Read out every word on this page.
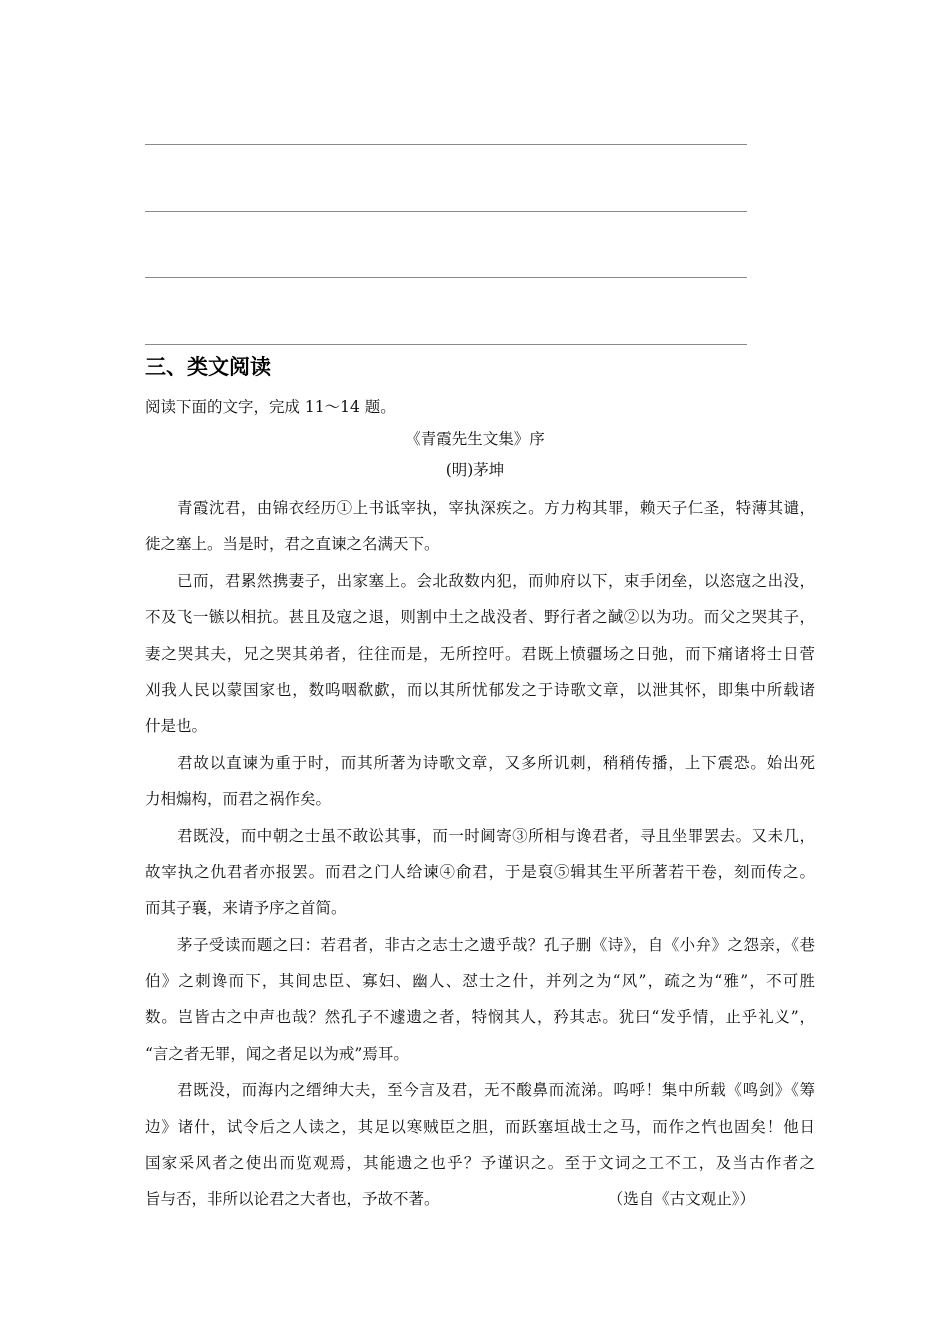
三、类文阅读
阅读下面的文字，完成 11～14 题。
《青霞先生文集》序
(明)茅坤
青霞沈君，由锦衣经历①上书诋宰执，宰执深疾之。方力构其罪，赖天子仁圣，特薄其谴，
徙之塞上。当是时，君之直谏之名满天下。
已而，君累然携妻子，出家塞上。会北敌数内犯，而帅府以下，束手闭垒，以恣寇之出没，
不及飞一镞以相抗。甚且及寇之退，则割中土之战没者、野行者之馘②以为功。而父之哭其子，
妻之哭其夫，兄之哭其弟者，往往而是，无所控吁。君既上愤疆场之日弛，而下痛诸将士日菅
刈我人民以蒙国家也，数呜咽欷歔，而以其所忧郁发之于诗歌文章，以泄其怀，即集中所载诸
什是也。
君故以直谏为重于时，而其所著为诗歌文章，又多所讥刺，稍稍传播，上下震恐。始出死
力相煽构，而君之祸作矣。
君既没，而中朝之士虽不敢讼其事，而一时阃寄③所相与谗君者，寻且坐罪罢去。又未几，
故宰执之仇君者亦报罢。而君之门人给谏④俞君，于是裒⑤辑其生平所著若干卷，刻而传之。
而其子襄，来请予序之首简。
茅子受读而题之曰：若君者，非古之志士之遗乎哉？孔子删《诗》，自《小弁》之怨亲，《巷
伯》之刺谗而下，其间忠臣、寡妇、幽人、怼士之什，并列之为“风”，疏之为“雅”，不可胜
数。岂皆古之中声也哉？然孔子不遽遗之者，特悯其人，矜其志。犹曰“发乎情，止乎礼义”，
“言之者无罪，闻之者足以为戒”焉耳。
君既没，而海内之缙绅大夫，至今言及君，无不酸鼻而流涕。呜呼！集中所载《鸣剑》《筹
边》诸什，试令后之人读之，其足以寒贼臣之胆，而跃塞垣战士之马，而作之忾也固矣！他日
国家采风者之使出而览观焉，其能遗之也乎？予谨识之。至于文词之工不工，及当古作者之
旨与否，非所以论君之大者也，予故不著。	（选自《古文观止》）
